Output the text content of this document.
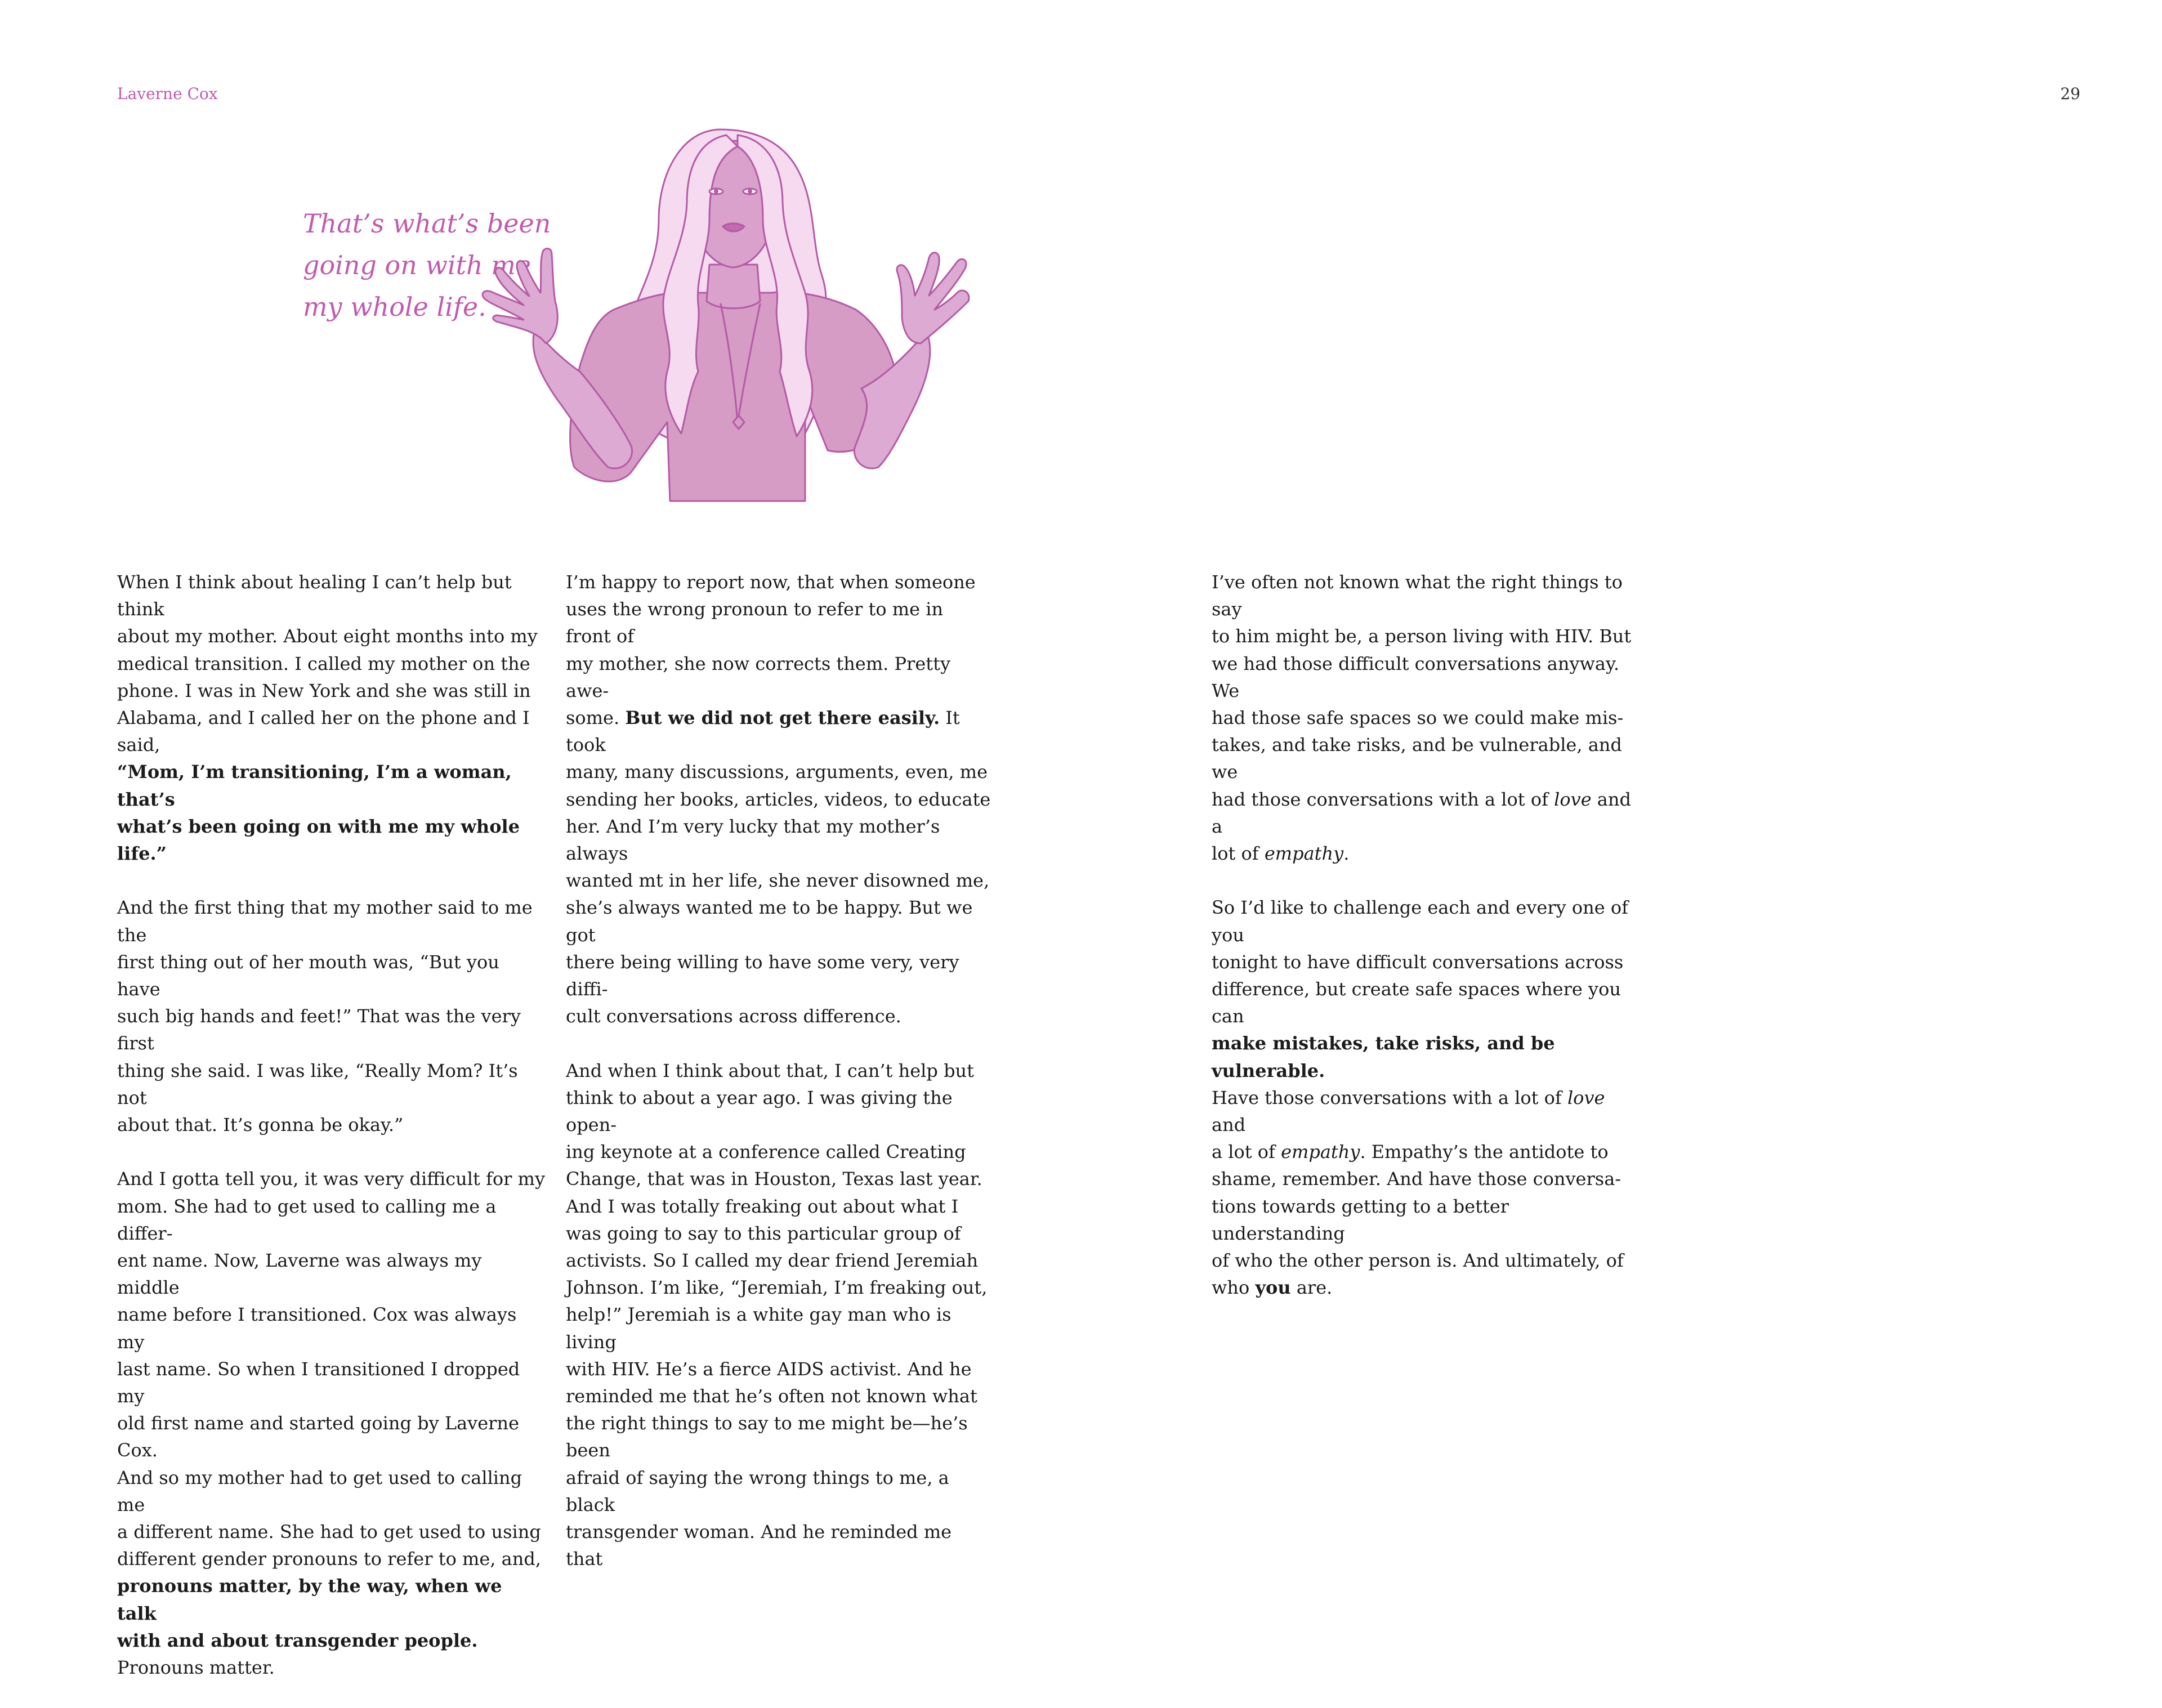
Laverne Cox	29

That’s what’s been
going on with me
my whole life.

When I think about healing I can’t help but think
about my mother. About eight months into my
medical transition. I called my mother on the
phone. I was in New York and she was still in
Alabama, and I called her on the phone and I said,
“Mom, I’m transitioning, I’m a woman, that’s
what’s been going on with me my whole life.”

And the first thing that my mother said to me the
first thing out of her mouth was, “But you have
such big hands and feet!” That was the very first
thing she said. I was like, “Really Mom? It’s not
about that. It’s gonna be okay.”

And I gotta tell you, it was very difficult for my
mom. She had to get used to calling me a differ-
ent name. Now, Laverne was always my middle
name before I transitioned. Cox was always my
last name. So when I transitioned I dropped my
old first name and started going by Laverne Cox.
And so my mother had to get used to calling me
a different name. She had to get used to using
different gender pronouns to refer to me, and,
pronouns matter, by the way, when we talk
with and about transgender people.
Pronouns matter.

I’m happy to report now, that when someone
uses the wrong pronoun to refer to me in front of
my mother, she now corrects them. Pretty awe-
some. But we did not get there easily. It took
many, many discussions, arguments, even, me
sending her books, articles, videos, to educate
her. And I’m very lucky that my mother’s always
wanted mt in her life, she never disowned me,
she’s always wanted me to be happy. But we got
there being willing to have some very, very diffi-
cult conversations across difference.

And when I think about that, I can’t help but
think to about a year ago. I was giving the open-
ing keynote at a conference called Creating
Change, that was in Houston, Texas last year.
And I was totally freaking out about what I
was going to say to this particular group of
activists. So I called my dear friend Jeremiah
Johnson. I’m like, “Jeremiah, I’m freaking out,
help!” Jeremiah is a white gay man who is living
with HIV. He’s a fierce AIDS activist. And he
reminded me that he’s often not known what
the right things to say to me might be—he’s been
afraid of saying the wrong things to me, a black
transgender woman. And he reminded me that

I’ve often not known what the right things to say
to him might be, a person living with HIV. But
we had those difficult conversations anyway. We
had those safe spaces so we could make mis-
takes, and take risks, and be vulnerable, and we
had those conversations with a lot of love and a
lot of empathy.

So I’d like to challenge each and every one of you
tonight to have difficult conversations across
difference, but create safe spaces where you can
make mistakes, take risks, and be vulnerable.
Have those conversations with a lot of love and
a lot of empathy. Empathy’s the antidote to
shame, remember. And have those conversa-
tions towards getting to a better understanding
of who the other person is. And ultimately, of
who you are.
